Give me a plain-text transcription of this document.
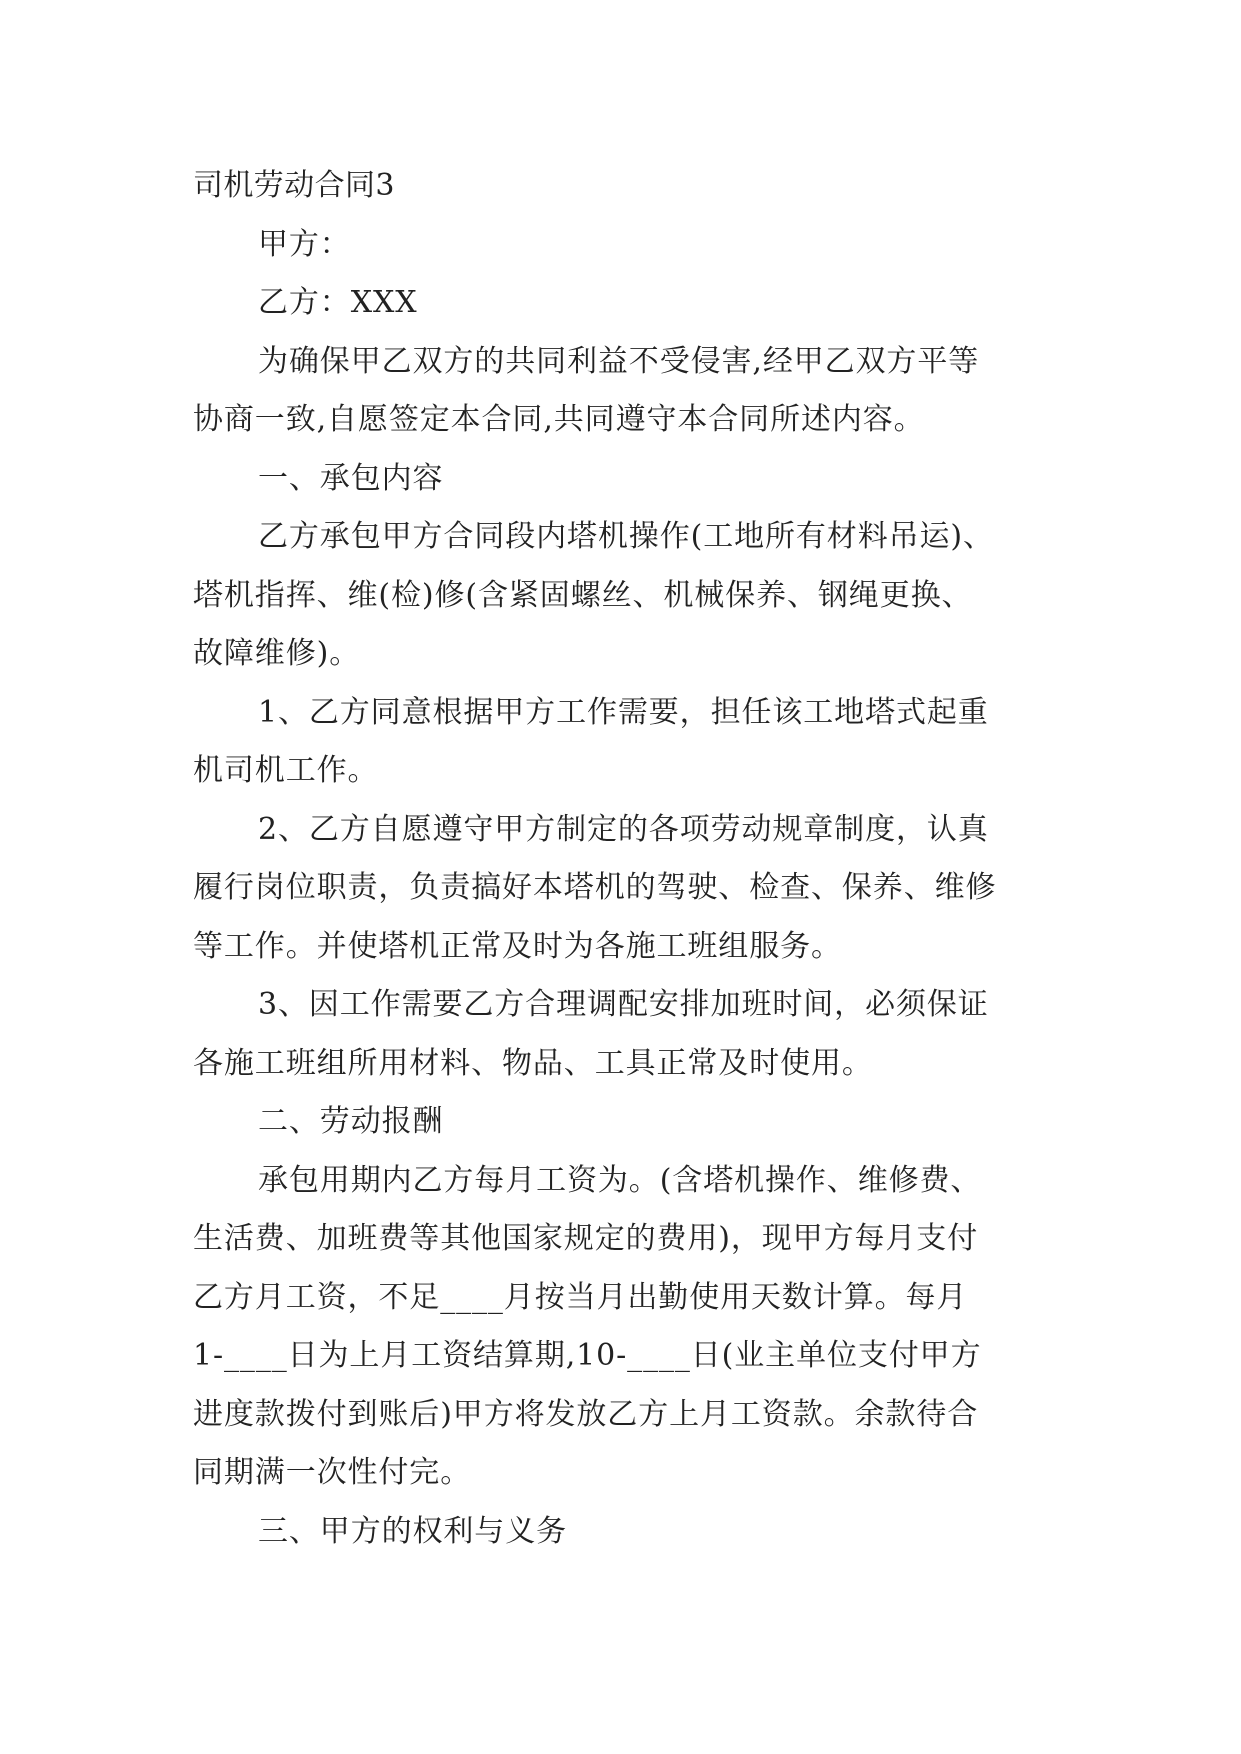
司机劳动合同3

甲方：

乙方：XXX

为确保甲乙双方的共同利益不受侵害,经甲乙双方平等

协商一致,自愿签定本合同,共同遵守本合同所述内容。

一、承包内容

乙方承包甲方合同段内塔机操作(工地所有材料吊运)、

塔机指挥、维(检)修(含紧固螺丝、机械保养、钢绳更换、

故障维修)。

1、乙方同意根据甲方工作需要，担任该工地塔式起重

机司机工作。

2、乙方自愿遵守甲方制定的各项劳动规章制度，认真

履行岗位职责，负责搞好本塔机的驾驶、检查、保养、维修

等工作。并使塔机正常及时为各施工班组服务。

3、因工作需要乙方合理调配安排加班时间，必须保证

各施工班组所用材料、物品、工具正常及时使用。

二、劳动报酬

承包用期内乙方每月工资为。(含塔机操作、维修费、

生活费、加班费等其他国家规定的费用)，现甲方每月支付

乙方月工资，不足____月按当月出勤使用天数计算。每月

1-____日为上月工资结算期,10-____日(业主单位支付甲方

进度款拨付到账后)甲方将发放乙方上月工资款。余款待合

同期满一次性付完。

三、甲方的权利与义务
